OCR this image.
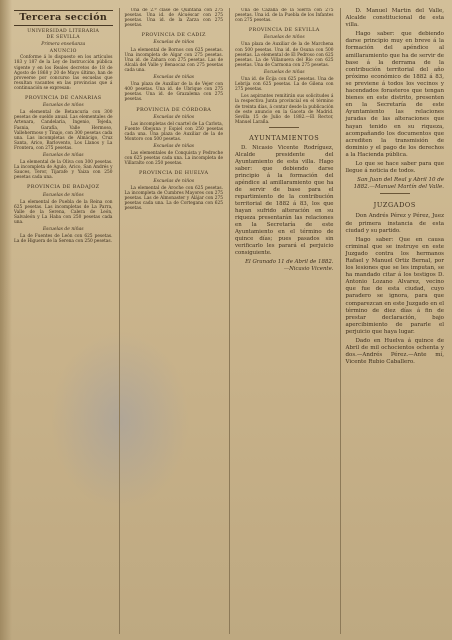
Tercera sección
UNIVERSIDAD LITERARIA
DE SEVILLA
Primera enseñanza
ANUNCIO

Conforme á lo dispuesto en los artículos 183 y 187 de la Ley de Instrucción pública vigente y en los Reales decretos de 18 de Agosto de 1868 y 20 de Mayo último, han de proveerse por concurso las escuelas que resultan vacantes en las provincias que á continuación se expresan:

PROVINCIA DE CANARIAS
Escuelas de niños

La elemental de Betancuria con 300 pesetas de sueldo anual. Las elementales de Artenara, Candelaria, Ingenio, Tejeda, Fasnia, Garafía, Valle Hermoso, Vallehermoso y Tinajo, con 300 pesetas cada una. Las incompletas de Almácigo, Cruz Santa, Arico, Barlovento, Los Llanos y La Frontera, con 275 pesetas.

Escuelas de niñas

La elemental de la Oliva con 300 pesetas. La incompleta de Agulo, Arico, San Andrés y Sauces, Teror, Tijarafe y Yaiza con 250 pesetas cada una.

PROVINCIA DE BADAJOZ
Escuelas de niños

La elemental de Puebla de la Reina con 625 pesetas. Las incompletas de La Parra, Valle de la Serena, Calera de León, Salvaleón y La Haba con 250 pesetas cada una.

Escuelas de niñas

La de Fuentes de León con 625 pesetas. La de Higuera de la Serena con 250 pesetas.

Una de 2.ª clase de Quintana con 275 pesetas. Una id. de Alcuéscar con 275 pesetas. Una id. de la Zarza con 275 pesetas.

PROVINCIA DE CADIZ
Escuelas de niños

La elemental de Bornos con 625 pesetas. Una incompleta de Algar con 275 pesetas. Una id. de Zahara con 275 pesetas. Las de Alcalá del Valle y Benaocaz con 275 pesetas cada una.

Escuelas de niñas

Una plaza de Auxiliar de la de Vejer con 400 pesetas. Una id. de Ubrique con 275 pesetas. Una id. de Grazalema con 275 pesetas.

PROVINCIA DE CÓRDOBA
Escuelas de niños

Las incompletas del cuartel de La Carlota, Fuente Obejuna y Espiel con 250 pesetas cada una. Una plaza de Auxiliar de la de Montoro con 500 pesetas.

Escuelas de niñas

Las elementales de Conquista y Pedroche con 625 pesetas cada una. La incompleta de Villaralto con 250 pesetas.

PROVINCIA DE HUELVA
Escuelas de niños

La elemental de Aroche con 625 pesetas. La incompleta de Cumbres Mayores con 275 pesetas. Las de Almonaster y Alájar con 275 pesetas cada una. La de Cortegana con 625 pesetas.

Una de Cazalla de la Sierra con 275 pesetas. Una id. de la Puebla de los Infantes con 275 pesetas.

PROVINCIA DE SEVILLA
Escuelas de niños

Una plaza de Auxiliar de la de Marchena con 500 pesetas. Una id. de Osuna con 500 pesetas. La elemental de El Pedroso con 625 pesetas. La de Villanueva del Río con 625 pesetas. Una de Carmona con 275 pesetas.

Escuelas de niñas

Una id. de Écija con 625 pesetas. Una de Lebrija con 625 pesetas. La de Gilena con 275 pesetas.

Los aspirantes remitirán sus solicitudes á la respectiva Junta provincial en el término de treinta días, á contar desde la publicación de este anuncio en la Gaceta de Madrid. Sevilla 15 de Julio de 1882.—El Rector, Manuel Laraña.

AYUNTAMIENTOS

D. Nicasio Vicente Rodríguez, Alcalde presidente del Ayuntamiento de esta villa. Hago saber: que debiendo darse principio á la formación del apéndice al amillaramiento que ha de servir de base para el repartimiento de la contribución territorial de 1882 á 83, los que hayan sufrido alteración en su riqueza presentarán las relaciones en la Secretaría de este Ayuntamiento en el término de quince días; pues pasados sin verificarlo les parará el perjuicio consiguiente.

El Granado 11 de Abril de 1882.—Nicasio Vicente.

D. Manuel Martín del Valle, Alcalde constitucional de esta villa.

Hago saber: que debiendo darse principio muy en breve á la formación del apéndice al amillaramiento que ha de servir de base á la derrama de la contribución territorial del año próximo económico de 1882 á 83, se previene á todos los vecinos y hacendados forasteros que tengan bienes en este distrito, presenten en la Secretaría de este Ayuntamiento las relaciones juradas de las alteraciones que hayan tenido en su riqueza, acompañando los documentos que acrediten la transmisión de dominio y el pago de los derechos a la Hacienda pública.

Lo que se hace saber para que llegue á noticia de todos.

San Juan del Real y Abril 10 de 1882.—Manuel Martín del Valle.

JUZGADOS

Don Andrés Pérez y Pérez, Juez de primera instancia de esta ciudad y su partido.

Hago saber: Que en causa criminal que se instruye en este Juzgado contra los hermanos Rafael y Manuel Ortiz Bernal, por los lesiones que se les imputan, se ha mandado citar á los testigos D. Antonio Lozano Alvarez, vecino que fue de esta ciudad, cuyo paradero se ignora, para que comparezcan en este Juzgado en el término de diez días á fin de prestar declaración, bajo apercibimiento de pararle el perjuicio que haya lugar.

Dado en Huelva á quince de Abril de mil ochocientos ochenta y dos.—Andrés Pérez.—Ante mí, Vicente Rubio Caballero.
